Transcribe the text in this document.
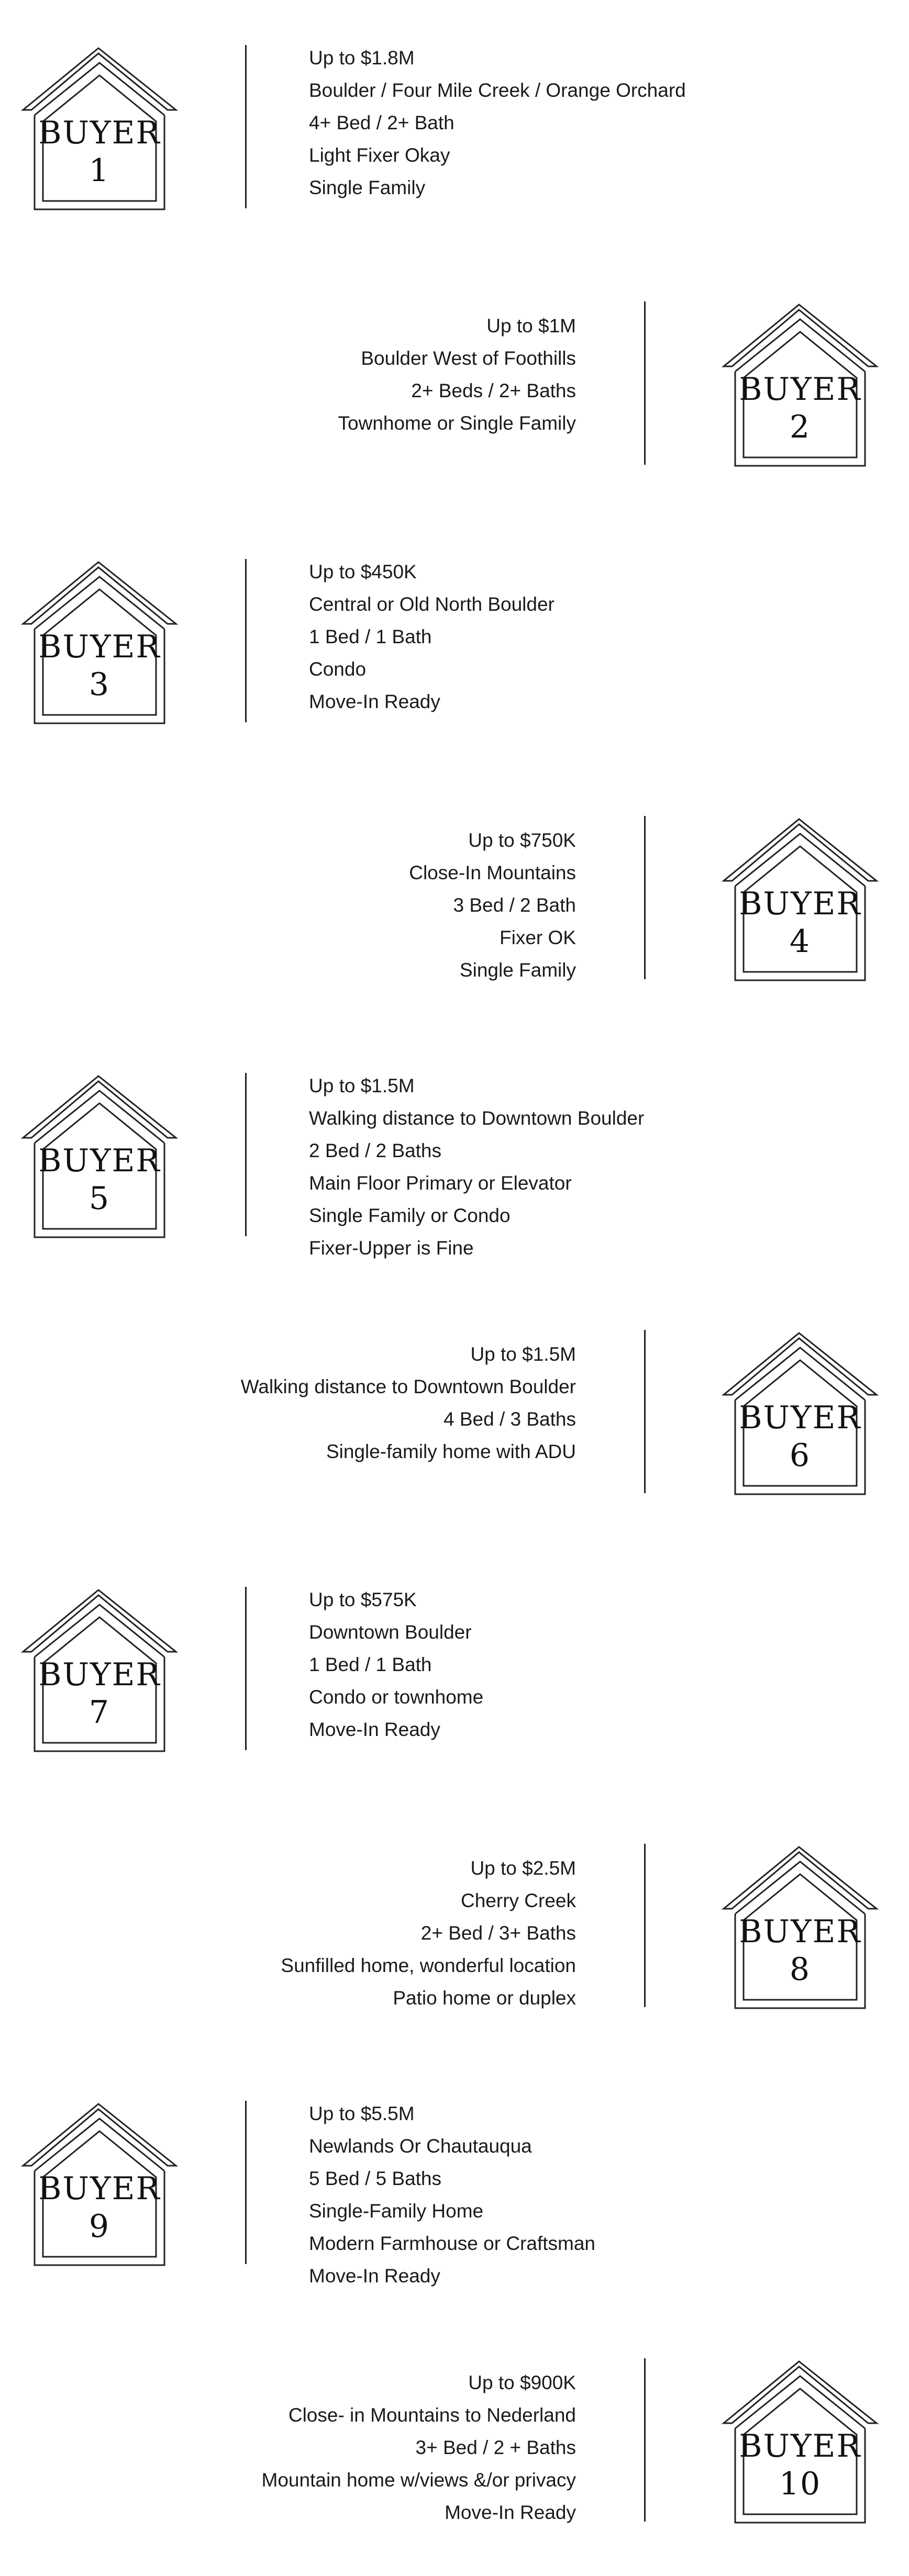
BUYER
1
Up to $1.8M
Boulder / Four Mile Creek / Orange Orchard
4+ Bed / 2+ Bath
Light Fixer Okay
Single Family
BUYER
2
Up to $1M
Boulder West of Foothills
2+ Beds / 2+ Baths
Townhome or Single Family
BUYER
3
Up to $450K
Central or Old North Boulder
1 Bed / 1 Bath
Condo
Move-In Ready
BUYER
4
Up to $750K
Close-In Mountains
3 Bed / 2 Bath
Fixer OK
Single Family
BUYER
5
Up to $1.5M
Walking distance to Downtown Boulder
2 Bed / 2 Baths
Main Floor Primary or Elevator
Single Family or Condo
Fixer-Upper is Fine
BUYER
6
Up to $1.5M
Walking distance to Downtown Boulder
4 Bed / 3 Baths
Single-family home with ADU
BUYER
7
Up to $575K
Downtown Boulder
1 Bed / 1 Bath
Condo or townhome
Move-In Ready
BUYER
8
Up to $2.5M
Cherry Creek
2+ Bed / 3+ Baths
Sunfilled home, wonderful location
Patio home or duplex
BUYER
9
Up to $5.5M
Newlands Or Chautauqua
5 Bed / 5 Baths
Single-Family Home
Modern Farmhouse or Craftsman
Move-In Ready
BUYER
10
Up to $900K
Close- in Mountains to Nederland
3+ Bed / 2 + Baths
Mountain home w/views &/or privacy
Move-In Ready
